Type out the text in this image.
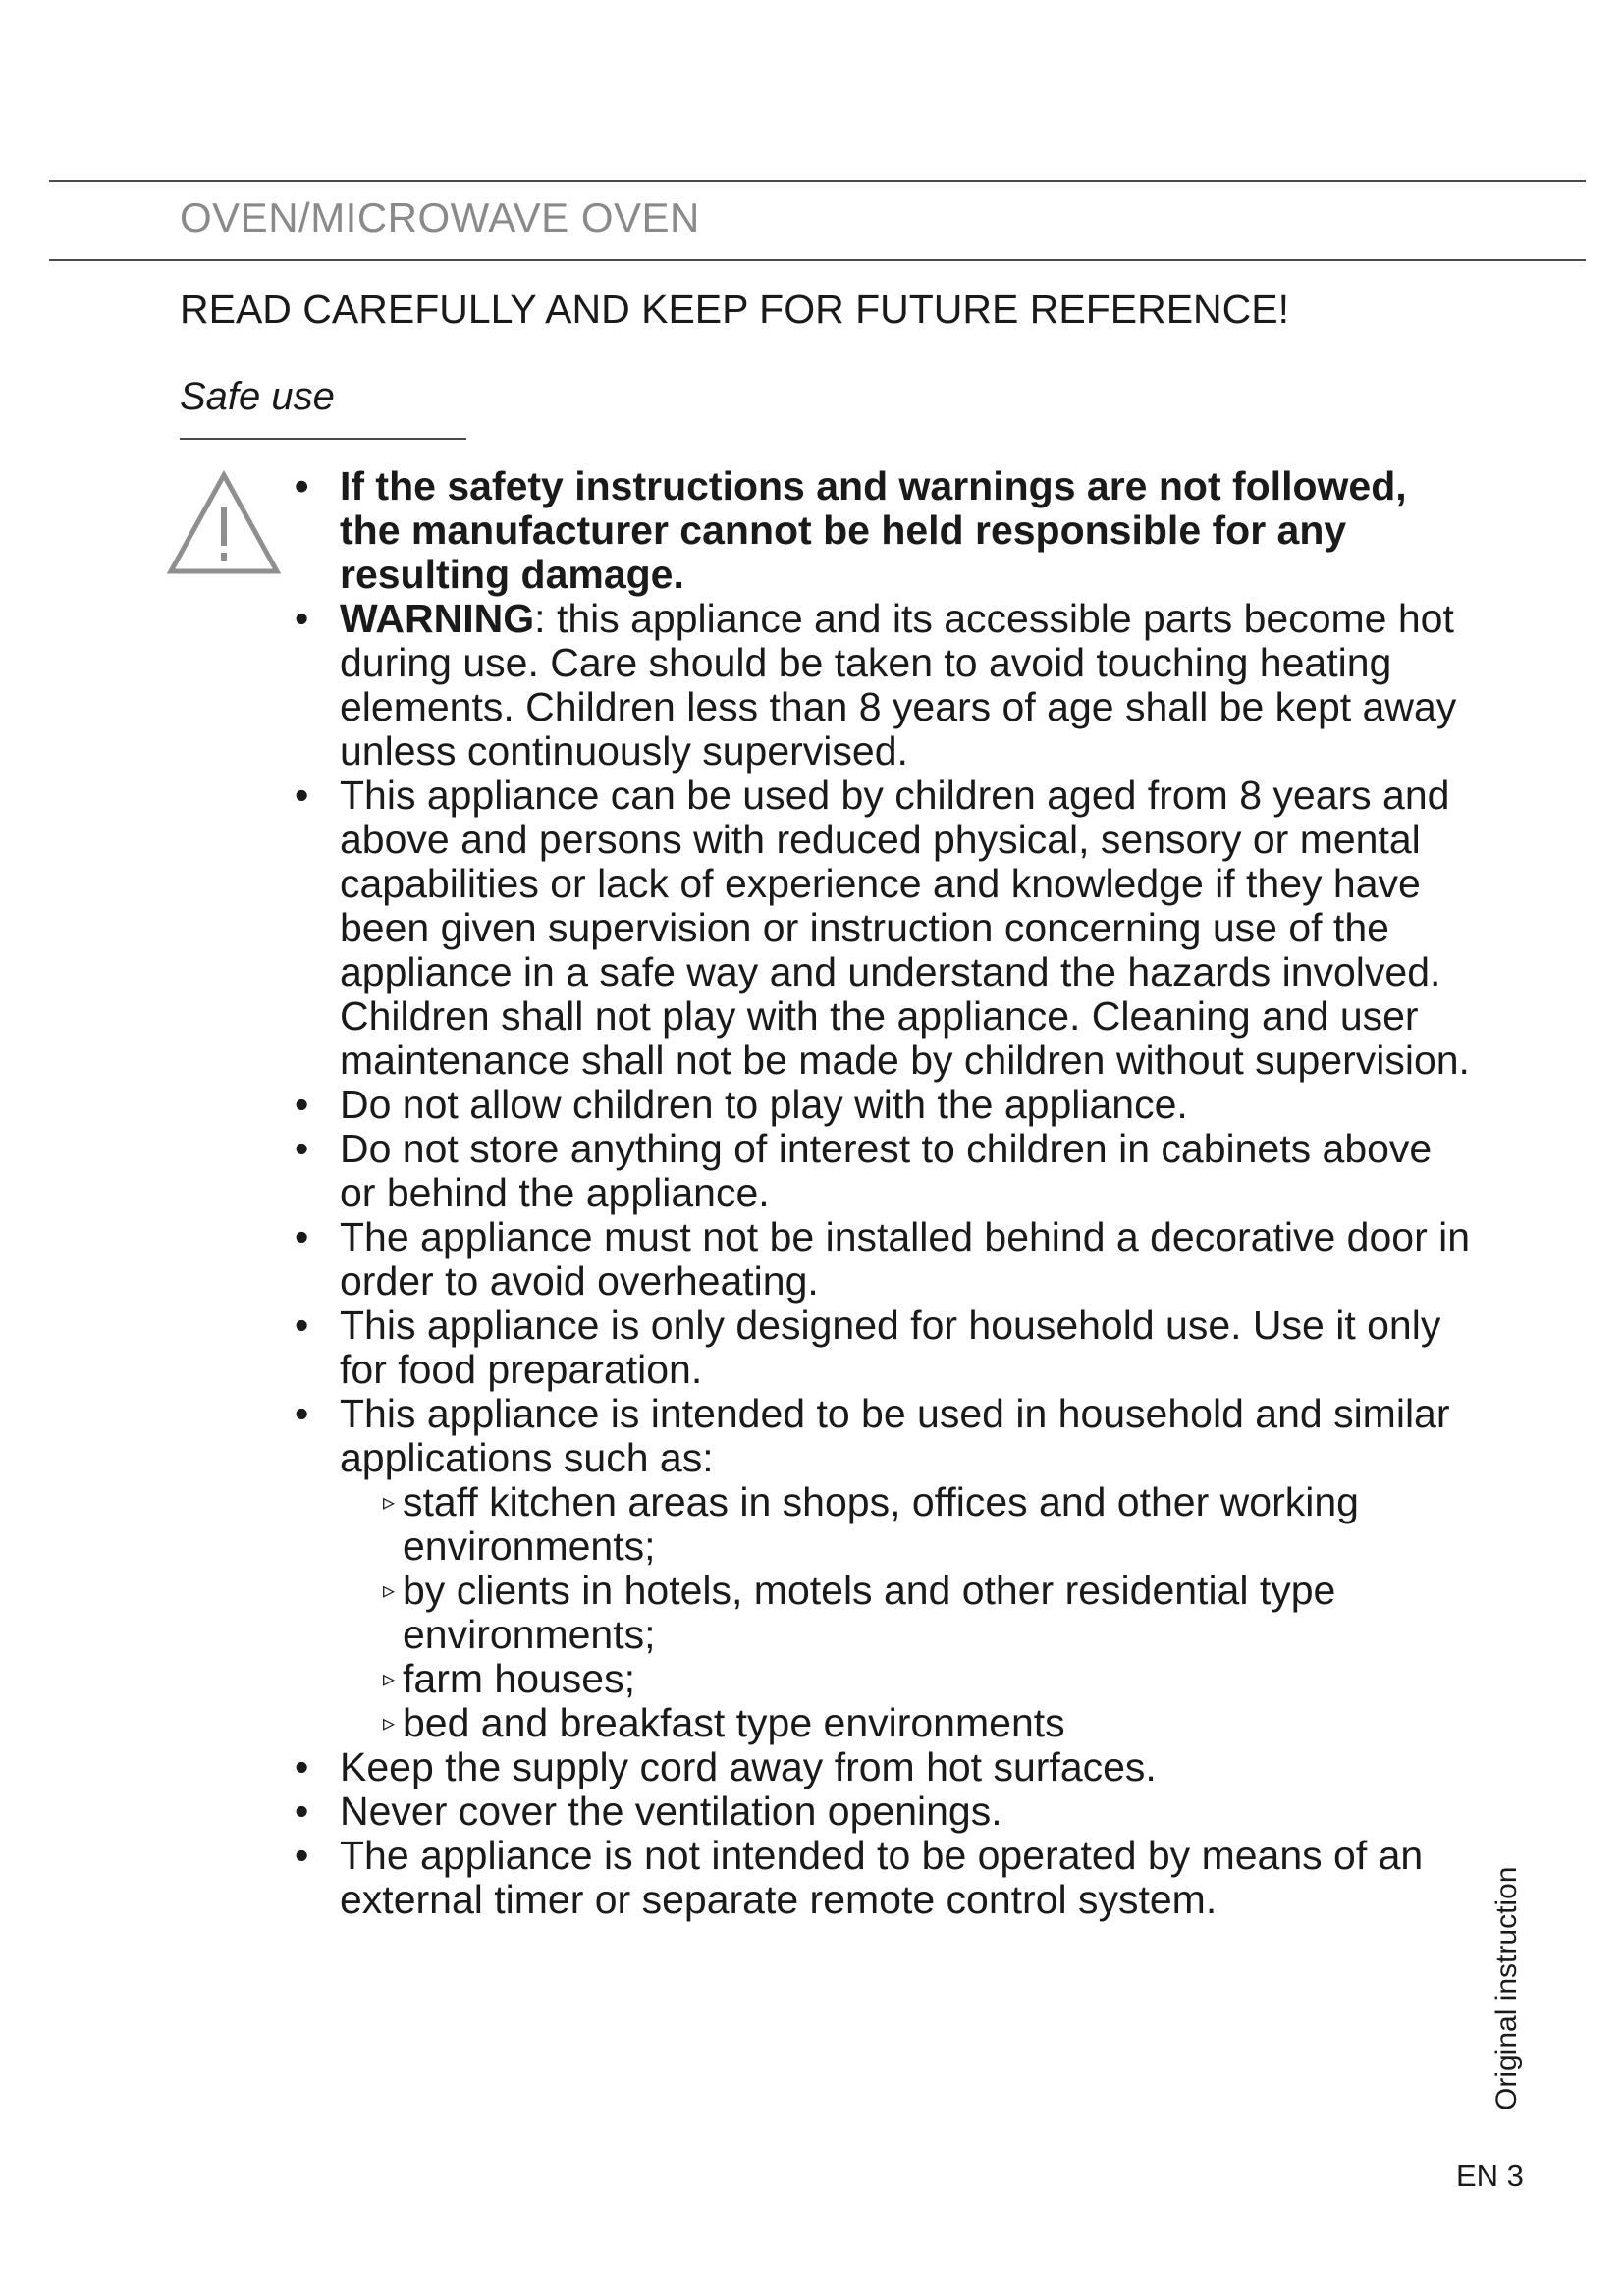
OVEN/MICROWAVE OVEN
READ CAREFULLY AND KEEP FOR FUTURE REFERENCE!
Safe use
• If the safety instructions and warnings are not followed, the manufacturer cannot be held responsible for any resulting damage.
• WARNING: this appliance and its accessible parts become hot during use. Care should be taken to avoid touching heating elements. Children less than 8 years of age shall be kept away unless continuously supervised.
• This appliance can be used by children aged from 8 years and above and persons with reduced physical, sensory or mental capabilities or lack of experience and knowledge if they have been given supervision or instruction concerning use of the appliance in a safe way and understand the hazards involved. Children shall not play with the appliance. Cleaning and user maintenance shall not be made by children without supervision.
• Do not allow children to play with the appliance.
• Do not store anything of interest to children in cabinets above or behind the appliance.
• The appliance must not be installed behind a decorative door in order to avoid overheating.
• This appliance is only designed for household use. Use it only for food preparation.
• This appliance is intended to be used in household and similar applications such as:
▹ staff kitchen areas in shops, offices and other working environments;
▹ by clients in hotels, motels and other residential type environments;
▹ farm houses;
▹ bed and breakfast type environments
• Keep the supply cord away from hot surfaces.
• Never cover the ventilation openings.
• The appliance is not intended to be operated by means of an external timer or separate remote control system.	Original instruction
EN 3
